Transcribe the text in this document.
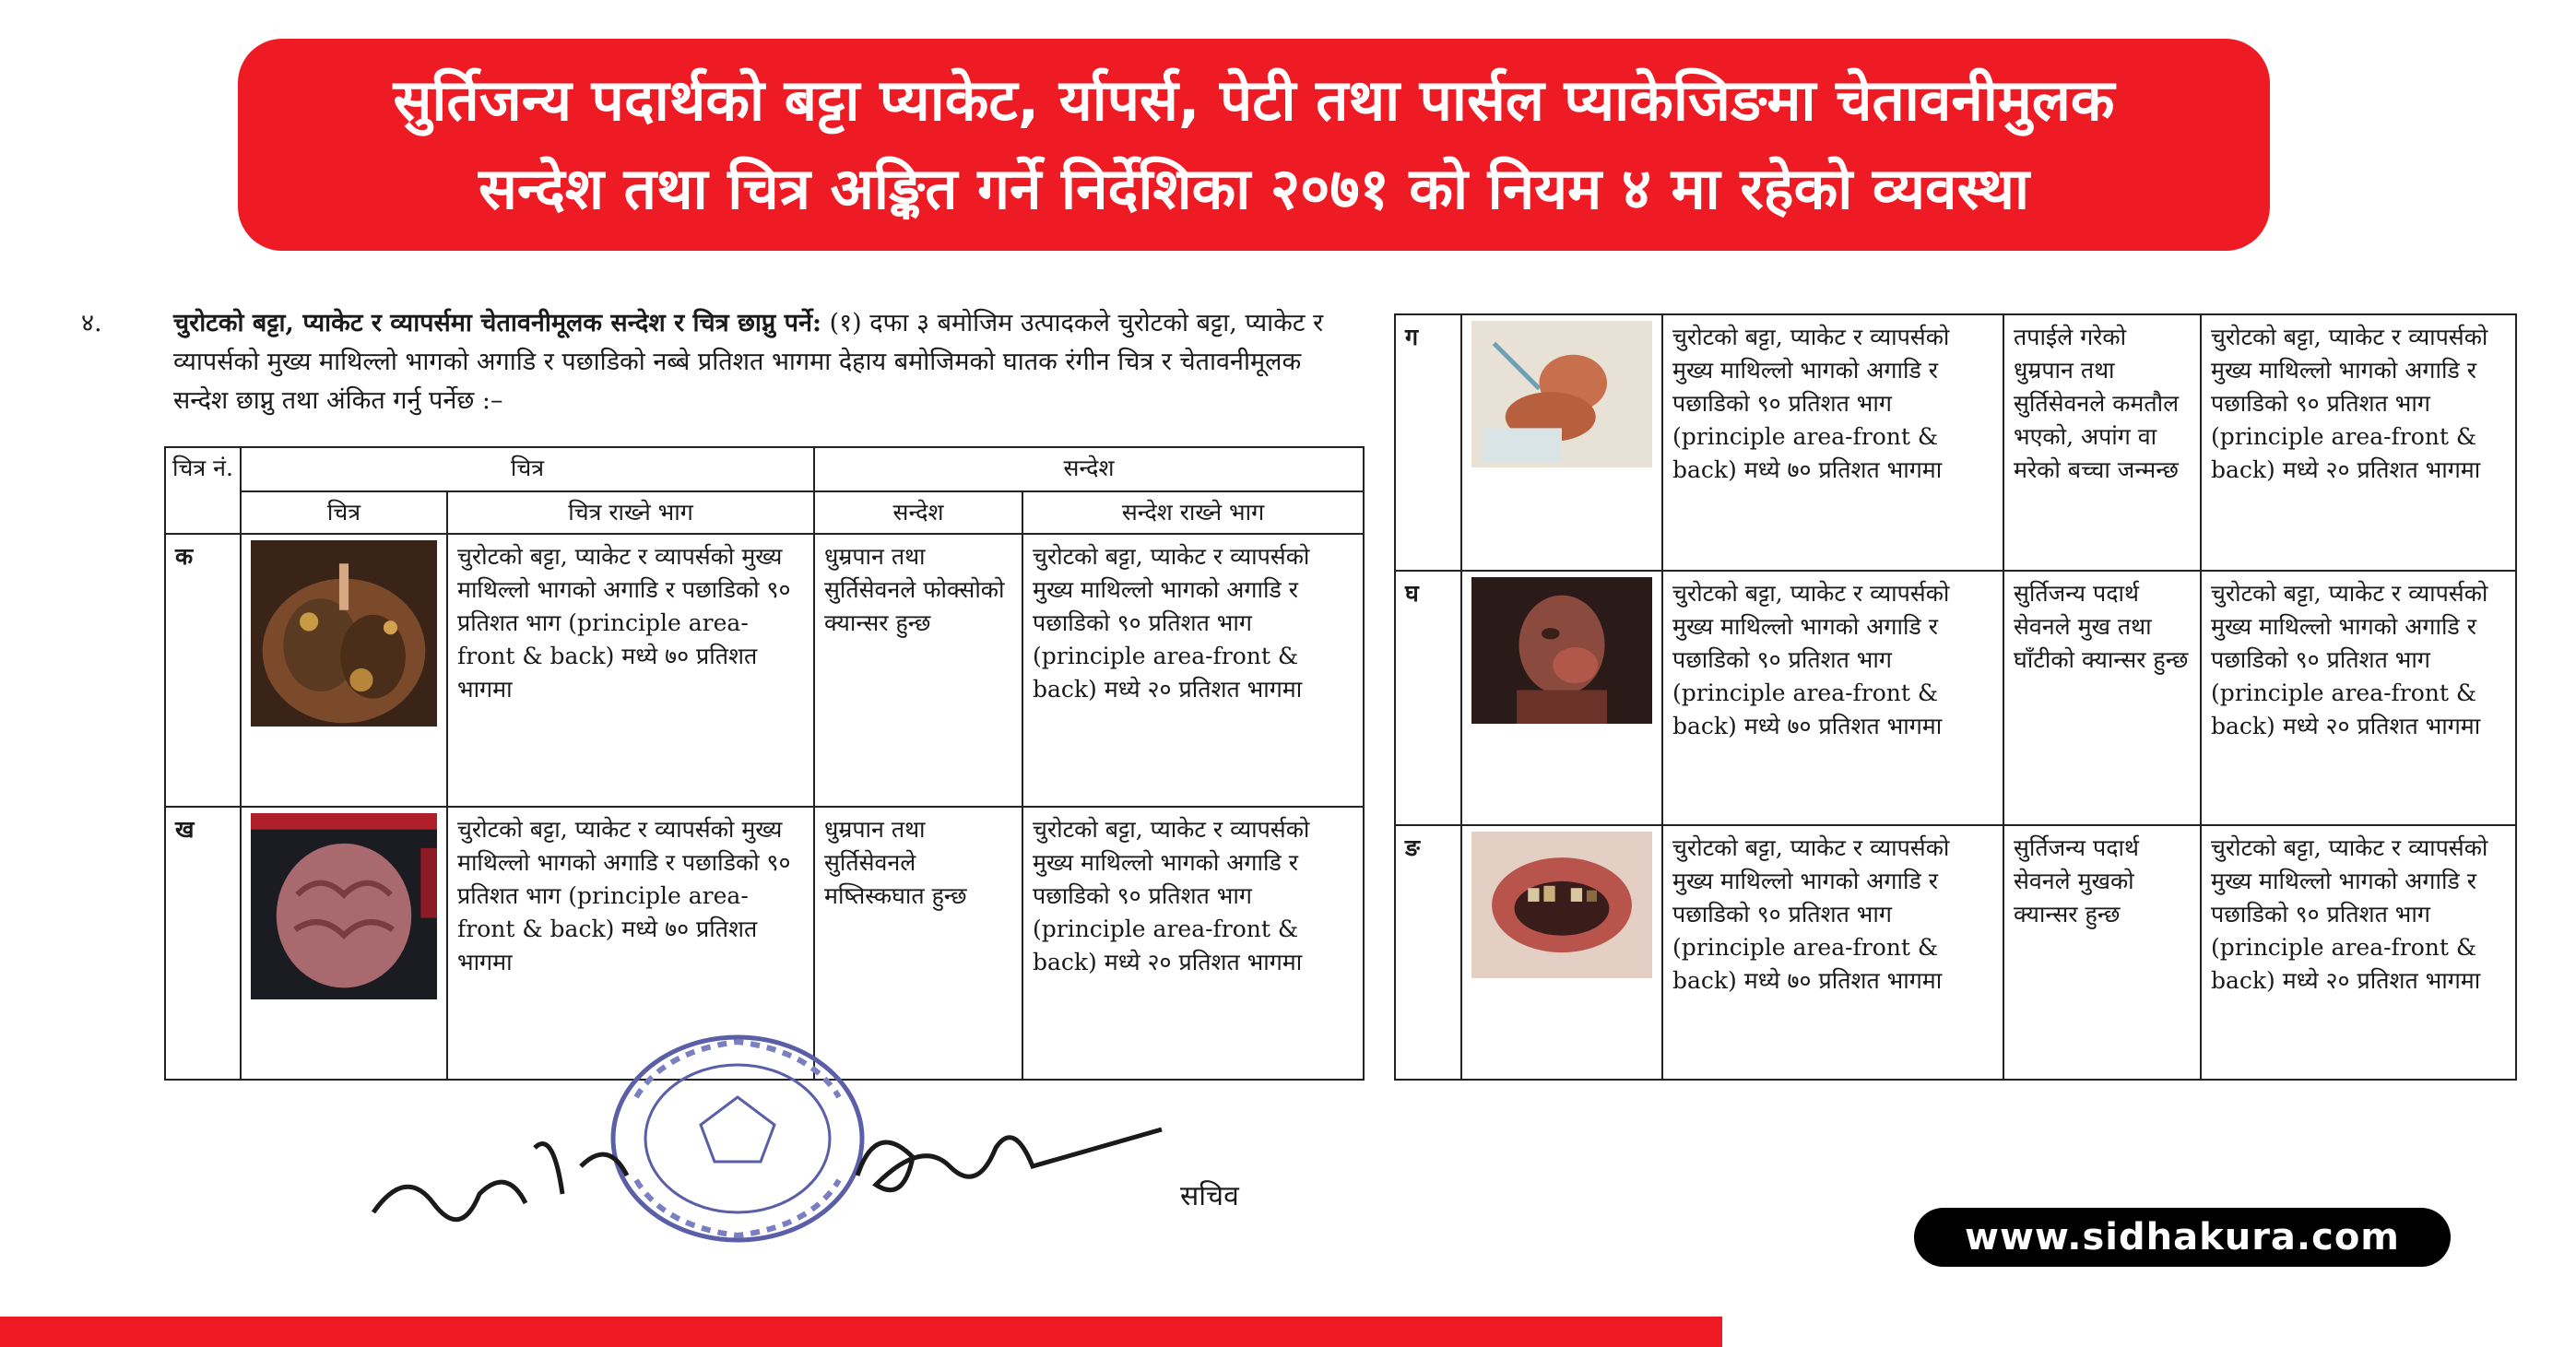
सुर्तिजन्य पदार्थको बट्टा प्याकेट, र्यापर्स, पेटी तथा पार्सल प्याकेजिङमा चेतावनीमुलक
सन्देश तथा चित्र अङ्कित गर्ने निर्देशिका २०७१ को नियम ४ मा रहेको व्यवस्था
४.	चुरोटको बट्टा, प्याकेट र व्यापर्समा चेतावनीमूलक सन्देश र चित्र छाप्नु पर्ने: (१) दफा ३ बमोजिम उत्पादकले चुरोटको बट्टा, प्याकेट र व्यापर्सको मुख्य माथिल्लो भागको अगाडि र पछाडिको नब्बे प्रतिशत भागमा देहाय बमोजिमको घातक रंगीन चित्र र चेतावनीमूलक सन्देश छाप्नु तथा अंकित गर्नु पर्नेछ :–
चित्र नं.	चित्र		सन्देश	
	चित्र	चित्र राख्ने भाग	सन्देश	सन्देश राख्ने भाग
क		चुरोटको बट्टा, प्याकेट र व्यापर्सको मुख्य माथिल्लो भागको अगाडि र पछाडिको ९० प्रतिशत भाग (principle area-front & back) मध्ये ७० प्रतिशत भागमा	धुम्रपान तथा सुर्तिसेवनले फोक्सोको क्यान्सर हुन्छ	चुरोटको बट्टा, प्याकेट र व्यापर्सको मुख्य माथिल्लो भागको अगाडि र पछाडिको ९० प्रतिशत भाग (principle area-front & back) मध्ये २० प्रतिशत भागमा
ख		चुरोटको बट्टा, प्याकेट र व्यापर्सको मुख्य माथिल्लो भागको अगाडि र पछाडिको ९० प्रतिशत भाग (principle area-front & back) मध्ये ७० प्रतिशत भागमा	धुम्रपान तथा सुर्तिसेवनले मष्तिस्कघात हुन्छ	चुरोटको बट्टा, प्याकेट र व्यापर्सको मुख्य माथिल्लो भागको अगाडि र पछाडिको ९० प्रतिशत भाग (principle area-front & back) मध्ये २० प्रतिशत भागमा
ग		चुरोटको बट्टा, प्याकेट र व्यापर्सको मुख्य माथिल्लो भागको अगाडि र पछाडिको ९० प्रतिशत भाग (principle area-front & back) मध्ये ७० प्रतिशत भागमा	तपाईले गरेको धुम्रपान तथा सुर्तिसेवनले कमतौल भएको, अपांग वा मरेको बच्चा जन्मन्छ	चुरोटको बट्टा, प्याकेट र व्यापर्सको मुख्य माथिल्लो भागको अगाडि र पछाडिको ९० प्रतिशत भाग (principle area-front & back) मध्ये २० प्रतिशत भागमा
घ		चुरोटको बट्टा, प्याकेट र व्यापर्सको मुख्य माथिल्लो भागको अगाडि र पछाडिको ९० प्रतिशत भाग (principle area-front & back) मध्ये ७० प्रतिशत भागमा	सुर्तिजन्य पदार्थ सेवनले मुख तथा घाँटीको क्यान्सर हुन्छ	चुरोटको बट्टा, प्याकेट र व्यापर्सको मुख्य माथिल्लो भागको अगाडि र पछाडिको ९० प्रतिशत भाग (principle area-front & back) मध्ये २० प्रतिशत भागमा
ङ		चुरोटको बट्टा, प्याकेट र व्यापर्सको मुख्य माथिल्लो भागको अगाडि र पछाडिको ९० प्रतिशत भाग (principle area-front & back) मध्ये ७० प्रतिशत भागमा	सुर्तिजन्य पदार्थ सेवनले मुखको क्यान्सर हुन्छ	चुरोटको बट्टा, प्याकेट र व्यापर्सको मुख्य माथिल्लो भागको अगाडि र पछाडिको ९० प्रतिशत भाग (principle area-front & back) मध्ये २० प्रतिशत भागमा
सचिव
www.sidhakura.com
